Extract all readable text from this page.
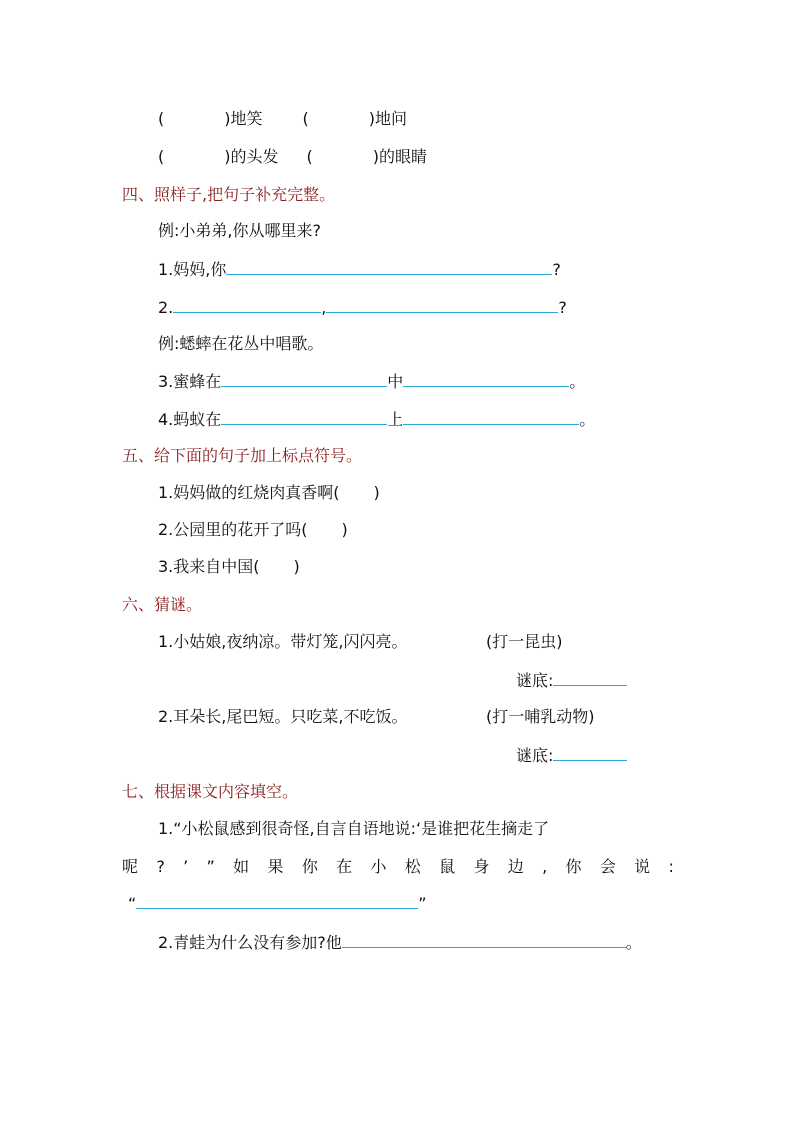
(	)地笑	(	)地问
(	)的头发 (	)的眼睛
四、照样子,把句子补充完整。
例:小弟弟,你从哪里来?
1.妈妈,你	?
2.	,	?
例:蟋蟀在花丛中唱歌。
3.蜜蜂在	中	。
4.蚂蚁在	上	。
五、给下面的句子加上标点符号。
1.妈妈做的红烧肉真香啊( )
2.公园里的花开了吗( )
3.我来自中国( )
六、猜谜。
1.小姑娘,夜纳凉。带灯笼,闪闪亮。	(打一昆虫)
谜底:
2.耳朵长,尾巴短。只吃菜,不吃饭。	(打一哺乳动物)
谜底:
七、根据课文内容填空。
1.“小松鼠感到很奇怪,自言自语地说:‘是谁把花生摘走了
呢 ? ’ ” 如 果 你 在 小 松 鼠 身 边 , 你 会 说 :
“	”
2.青蛙为什么没有参加?他	。
